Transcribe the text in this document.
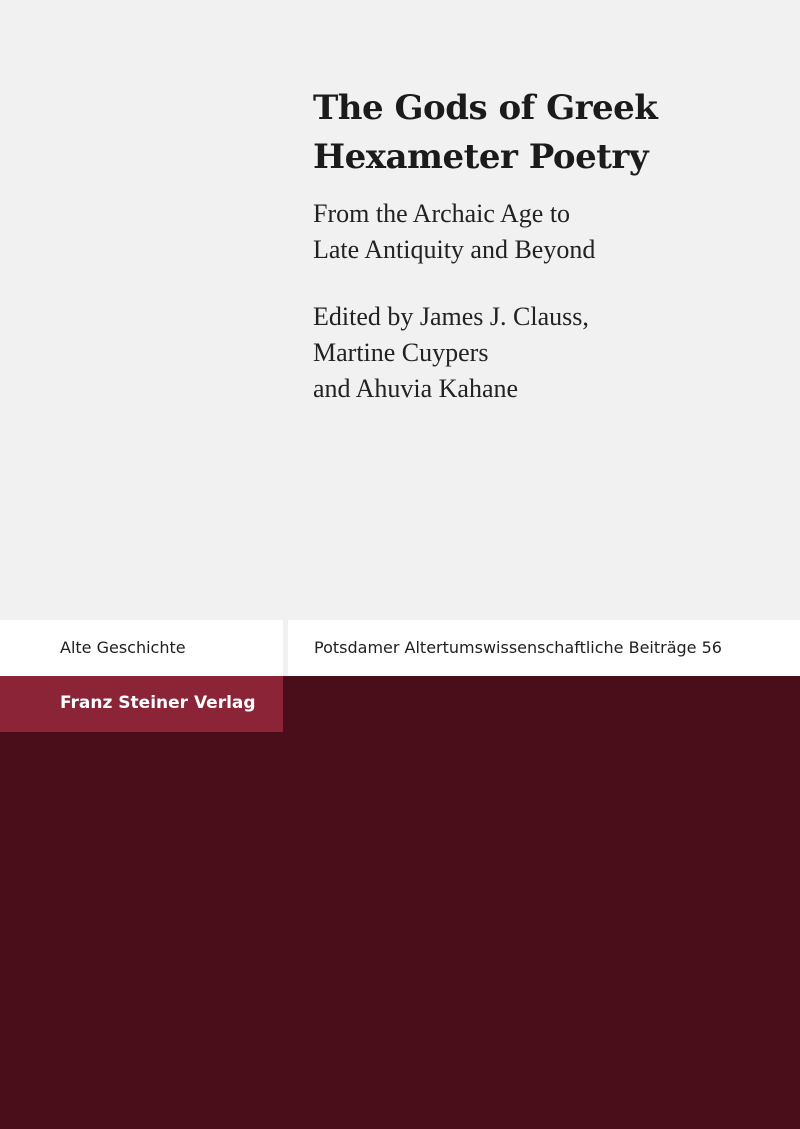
The Gods of Greek
Hexameter Poetry

From the Archaic Age to
Late Antiquity and Beyond

Edited by James J. Clauss,
Martine Cuypers
and Ahuvia Kahane

Alte Geschichte	Potsdamer Altertumswissenschaftliche Beiträge 56
Franz Steiner Verlag
